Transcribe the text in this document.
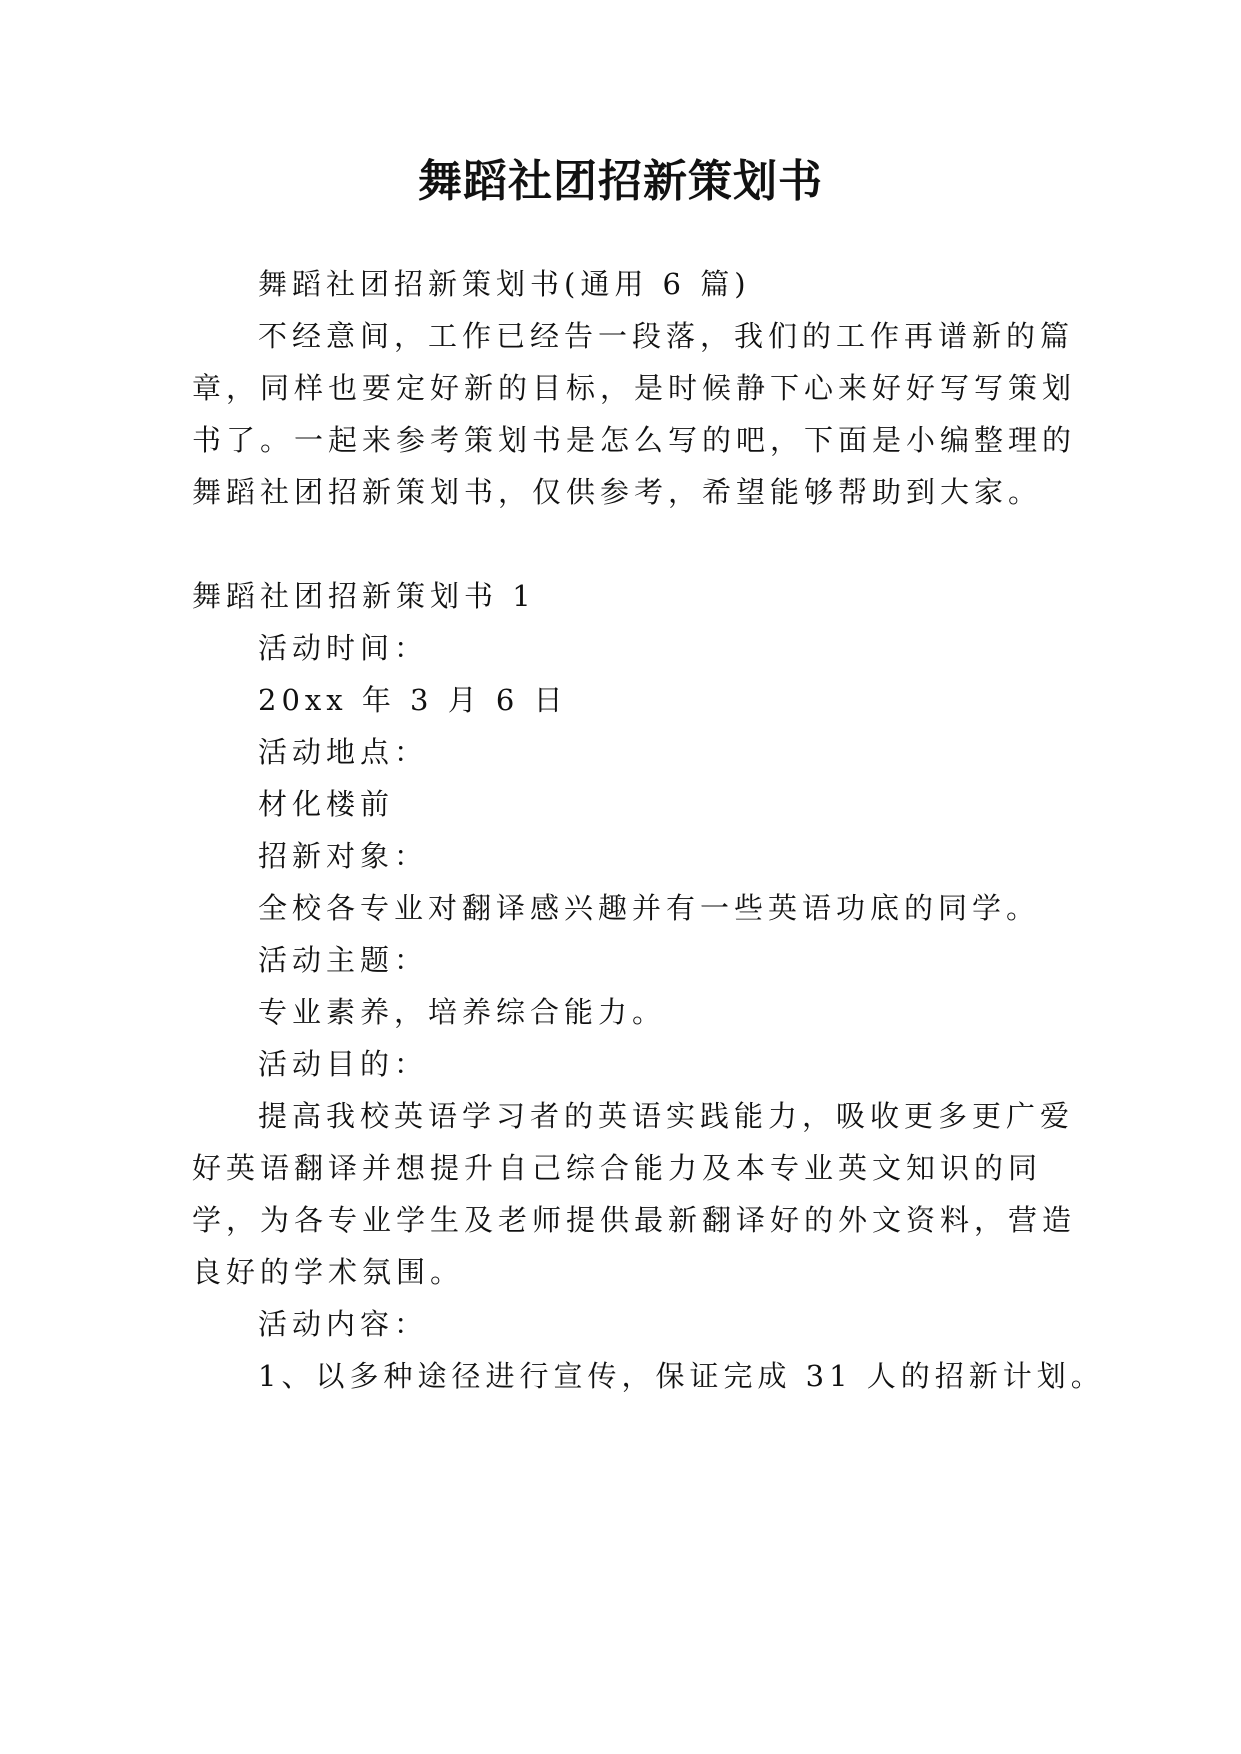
舞蹈社团招新策划书
舞蹈社团招新策划书(通用 6 篇)
不经意间，工作已经告一段落，我们的工作再谱新的篇
章，同样也要定好新的目标，是时候静下心来好好写写策划
书了。一起来参考策划书是怎么写的吧，下面是小编整理的
舞蹈社团招新策划书，仅供参考，希望能够帮助到大家。
舞蹈社团招新策划书 1
活动时间：
20xx 年 3 月 6 日
活动地点：
材化楼前
招新对象：
全校各专业对翻译感兴趣并有一些英语功底的同学。
活动主题：
专业素养，培养综合能力。
活动目的：
提高我校英语学习者的英语实践能力，吸收更多更广爱
好英语翻译并想提升自己综合能力及本专业英文知识的同
学，为各专业学生及老师提供最新翻译好的外文资料，营造
良好的学术氛围。
活动内容：
1、以多种途径进行宣传，保证完成 31 人的招新计划。
